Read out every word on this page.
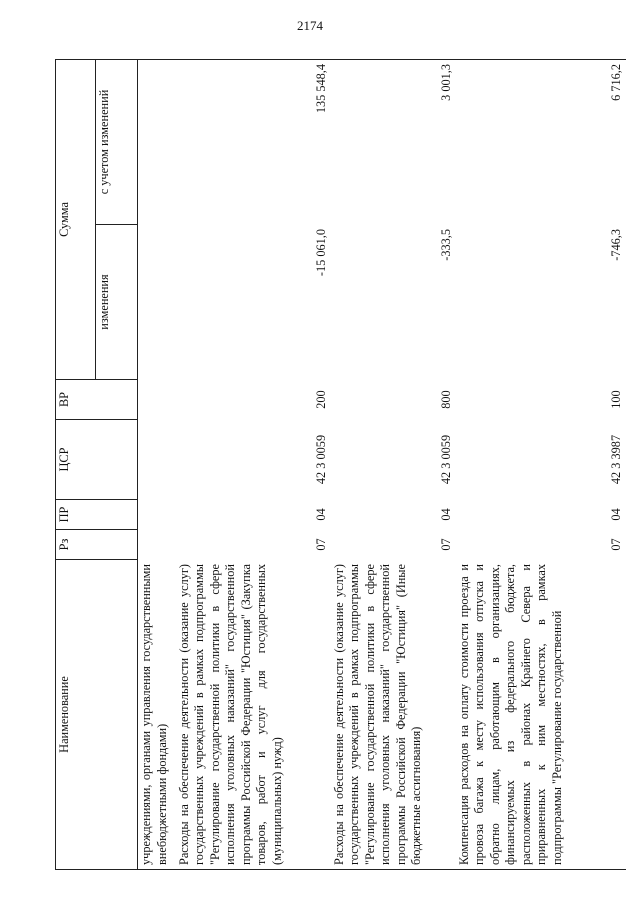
2174
Наименование	Рз	ПР	ЦСР	ВР	Сумма	
					изменения	с учетом изменений
учреждениями, органами управления государственными внебюджетными фондами)						
Расходы на обеспечение деятельности (оказание услуг) государственных учреждений в рамках подпрограммы "Регулирование государственной политики в сфере исполнения уголовных наказаний" государственной программы Российской Федерации "Юстиция" (Закупка товаров, работ и услуг для государственных (муниципальных) нужд)	07	04	42 3 0059	200	-15 061,0	135 548,4
Расходы на обеспечение деятельности (оказание услуг) государственных учреждений в рамках подпрограммы "Регулирование государственной политики в сфере исполнения уголовных наказаний" государственной программы Российской Федерации "Юстиция" (Иные бюджетные ассигнования)	07	04	42 3 0059	800	-333,5	3 001,3
Компенсация расходов на оплату стоимости проезда и провоза багажа к месту использования отпуска и обратно лицам, работающим в организациях, финансируемых из федерального бюджета, расположенных в районах Крайнего Севера и приравненных к ним местностях, в рамках подпрограммы "Регулирование государственной	07	04	42 3 3987	100	-746,3	6 716,2
